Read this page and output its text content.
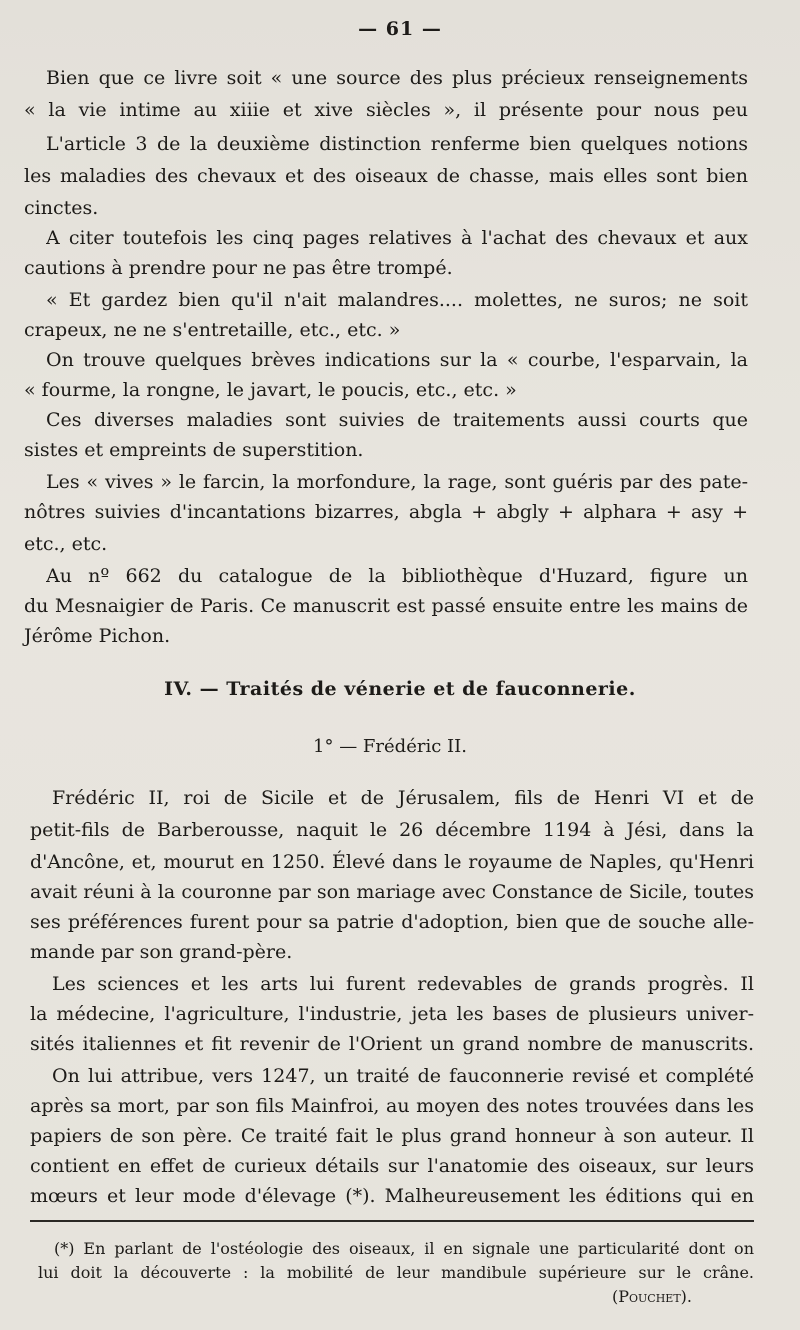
— 61 —
Bien que ce livre soit « une source des plus précieux renseignements
« la vie intime au xiiie et xive siècles », il présente pour nous peu
L'article 3 de la deuxième distinction renferme bien quelques notions
les maladies des chevaux et des oiseaux de chasse, mais elles sont bien
cinctes.
A citer toutefois les cinq pages relatives à l'achat des chevaux et aux
cautions à prendre pour ne pas être trompé.
« Et gardez bien qu'il n'ait malandres.... molettes, ne suros; ne soit
crapeux, ne ne s'entretaille, etc., etc. »
On trouve quelques brèves indications sur la « courbe, l'esparvain, la
« fourme, la rongne, le javart, le poucis, etc., etc. »
Ces diverses maladies sont suivies de traitements aussi courts que
sistes et empreints de superstition.
Les « vives » le farcin, la morfondure, la rage, sont guéris par des pate-
nôtres suivies d'incantations bizarres, abgla + abgly + alphara + asy +
etc., etc.
Au nº 662 du catalogue de la bibliothèque d'Huzard, figure un
du Mesnaigier de Paris. Ce manuscrit est passé ensuite entre les mains de
Jérôme Pichon.
IV. — Traités de vénerie et de fauconnerie.
1° — Frédéric II.
Frédéric II, roi de Sicile et de Jérusalem, fils de Henri VI et de
petit-fils de Barberousse, naquit le 26 décembre 1194 à Jési, dans la
d'Ancône, et, mourut en 1250. Élevé dans le royaume de Naples, qu'Henri
avait réuni à la couronne par son mariage avec Constance de Sicile, toutes
ses préférences furent pour sa patrie d'adoption, bien que de souche alle-
mande par son grand-père.
Les sciences et les arts lui furent redevables de grands progrès. Il
la médecine, l'agriculture, l'industrie, jeta les bases de plusieurs univer-
sités italiennes et fit revenir de l'Orient un grand nombre de manuscrits.
On lui attribue, vers 1247, un traité de fauconnerie revisé et complété
après sa mort, par son fils Mainfroi, au moyen des notes trouvées dans les
papiers de son père. Ce traité fait le plus grand honneur à son auteur. Il
contient en effet de curieux détails sur l'anatomie des oiseaux, sur leurs
mœurs et leur mode d'élevage (*). Malheureusement les éditions qui en
(*) En parlant de l'ostéologie des oiseaux, il en signale une particularité dont on
lui doit la découverte : la mobilité de leur mandibule supérieure sur le crâne.
(Pouchet).
